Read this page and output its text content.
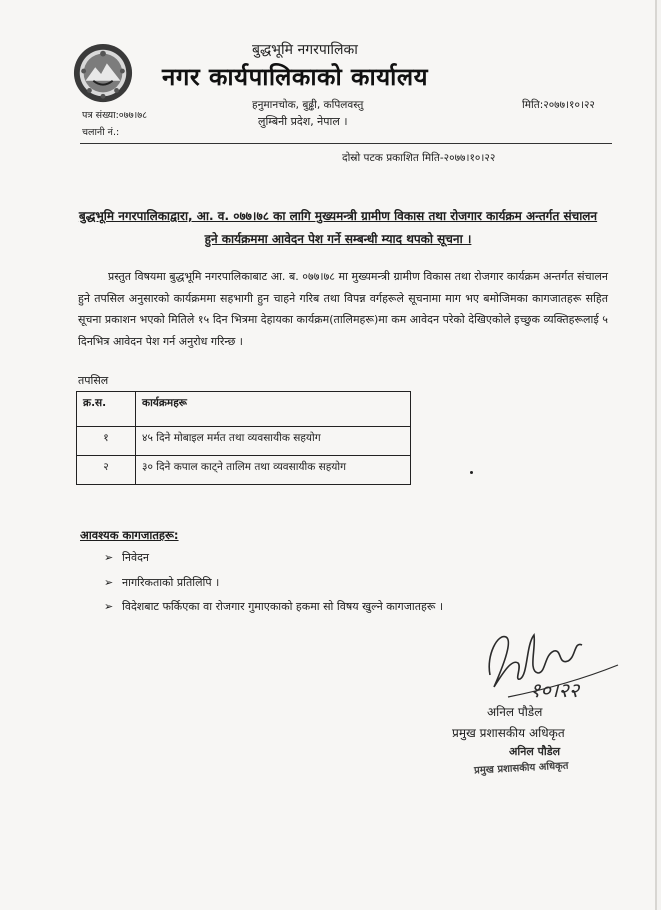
बुद्धभूमि नगरपालिका
नगर कार्यपालिकाको कार्यालय
हनुमानचोक, बुढ्ढी, कपिलवस्तु
लुम्बिनी प्रदेश, नेपाल ।
पत्र संख्या:०७७।७८
चलानी नं.:
मिति:२०७७।१०।२२
दोस्रो पटक प्रकाशित मिति-२०७७।१०।२२
बुद्धभूमि नगरपालिकाद्वारा, आ. व. ०७७।७८ का लागि मुख्यमन्त्री ग्रामीण विकास तथा रोजगार कार्यक्रम अन्तर्गत संचालन हुने कार्यक्रममा आवेदन पेश गर्ने सम्बन्धी म्याद थपको सूचना ।
प्रस्तुत विषयमा बुद्धभूमि नगरपालिकाबाट आ. ब. ०७७।७८ मा मुख्यमन्त्री ग्रामीण विकास तथा रोजगार कार्यक्रम अन्तर्गत संचालन हुने तपसिल अनुसारको कार्यक्रममा सहभागी हुन चाहने गरिब तथा विपन्न वर्गहरूले सूचनामा माग भए बमोजिमका कागजातहरू सहित सूचना प्रकाशन भएको मितिले १५ दिन भित्रमा देहायका कार्यक्रम(तालिमहरू)मा कम आवेदन परेको देखिएकोले इच्छुक व्यक्तिहरूलाई ५ दिनभित्र आवेदन पेश गर्न अनुरोध गरिन्छ ।
तपसिल
क्र.स.	कार्यक्रमहरू
१	४५ दिने मोबाइल मर्मत तथा व्यवसायीक सहयोग
२	३० दिने कपाल काट्ने तालिम तथा व्यवसायीक सहयोग
आवश्यक कागजातहरू:
➢ निवेदन
➢ नागरिकताको प्रतिलिपि ।
➢ विदेशबाट फर्किएका वा रोजगार गुमाएकाको हकमा सो विषय खुल्ने कागजातहरू ।
१०।२२
अनिल पौडेल
प्रमुख प्रशासकीय अधिकृत
अनिल पौडेल
प्रमुख प्रशासकीय अधिकृत
